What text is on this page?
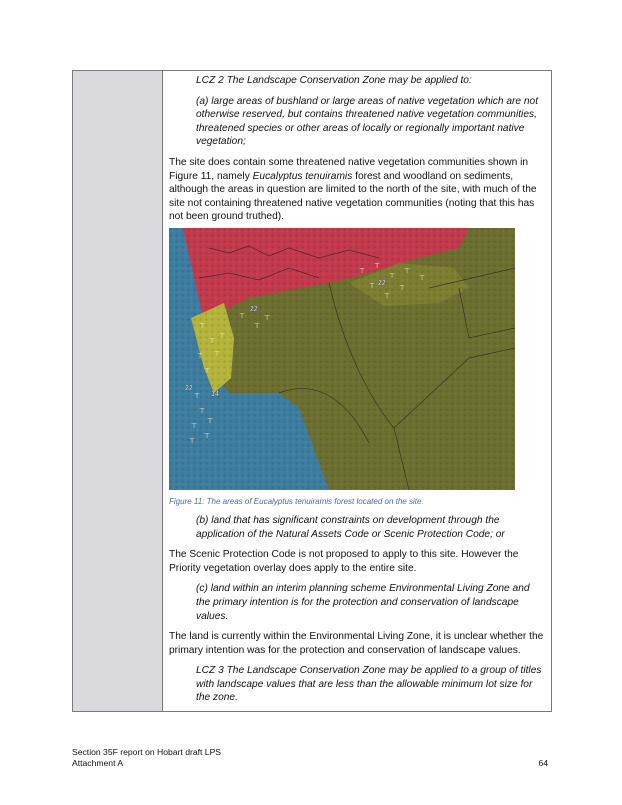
LCZ 2 The Landscape Conservation Zone may be applied to:

(a) large areas of bushland or large areas of native vegetation which are not otherwise reserved, but contains threatened native vegetation communities, threatened species or other areas of locally or regionally important native vegetation;

The site does contain some threatened native vegetation communities shown in Figure 11, namely Eucalyptus tenuiramis forest and woodland on sediments, although the areas in question are limited to the north of the site, with much of the site not containing threatened native vegetation communities (noting that this has not been ground truthed).

22
22
22
14
⊤
⊤
⊤ ⊤
⊤
⊤
⊤
⊤
⊤
⊤
⊤
⊤
⊤
⊤
⊤
⊤
⊤
⊤	⊤
⊤
⊤
⊤
⊤

Figure 11: The areas of Eucalyptus tenuiramis forest located on the site.

(b) land that has significant constraints on development through the application of the Natural Assets Code or Scenic Protection Code; or

The Scenic Protection Code is not proposed to apply to this site. However the Priority vegetation overlay does apply to the entire site.

(c) land within an interim planning scheme Environmental Living Zone and the primary intention is for the protection and conservation of landscape values.

The land is currently within the Environmental Living Zone, it is unclear whether the primary intention was for the protection and conservation of landscape values.

LCZ 3 The Landscape Conservation Zone may be applied to a group of titles with landscape values that are less than the allowable minimum lot size for the zone.

Section 35F report on Hobart draft LPS
Attachment A	64
